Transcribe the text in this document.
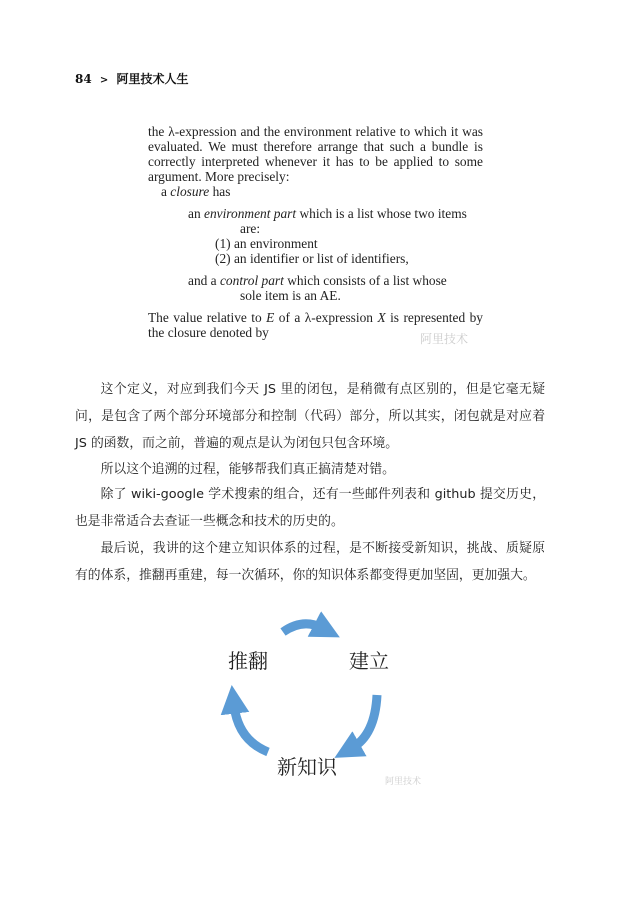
84 > 阿里技术人生

the λ-expression and the environment relative to which it was evaluated. We must therefore arrange that such a bundle is correctly interpreted whenever it has to be applied to some argument. More precisely:

a closure has

an environment part which is a list whose two items

are:

(1) an environment

(2) an identifier or list of identifiers,

and a control part which consists of a list whose

sole item is an AE.

The value relative to E of a λ-expression X is represented by the closure denoted by	阿里技术

这个定义，对应到我们今天 JS 里的闭包，是稍微有点区别的，但是它毫无疑问，是包含了两个部分环境部分和控制（代码）部分，所以其实，闭包就是对应着 JS 的函数，而之前，普遍的观点是认为闭包只包含环境。

所以这个追溯的过程，能够帮我们真正搞清楚对错。

除了 wiki-google 学术搜索的组合，还有一些邮件列表和 github 提交历史，也是非常适合去查证一些概念和技术的历史的。

最后说，我讲的这个建立知识体系的过程，是不断接受新知识，挑战、质疑原有的体系，推翻再重建，每一次循环，你的知识体系都变得更加坚固，更加强大。

推翻	建立
新知识
阿里技术
